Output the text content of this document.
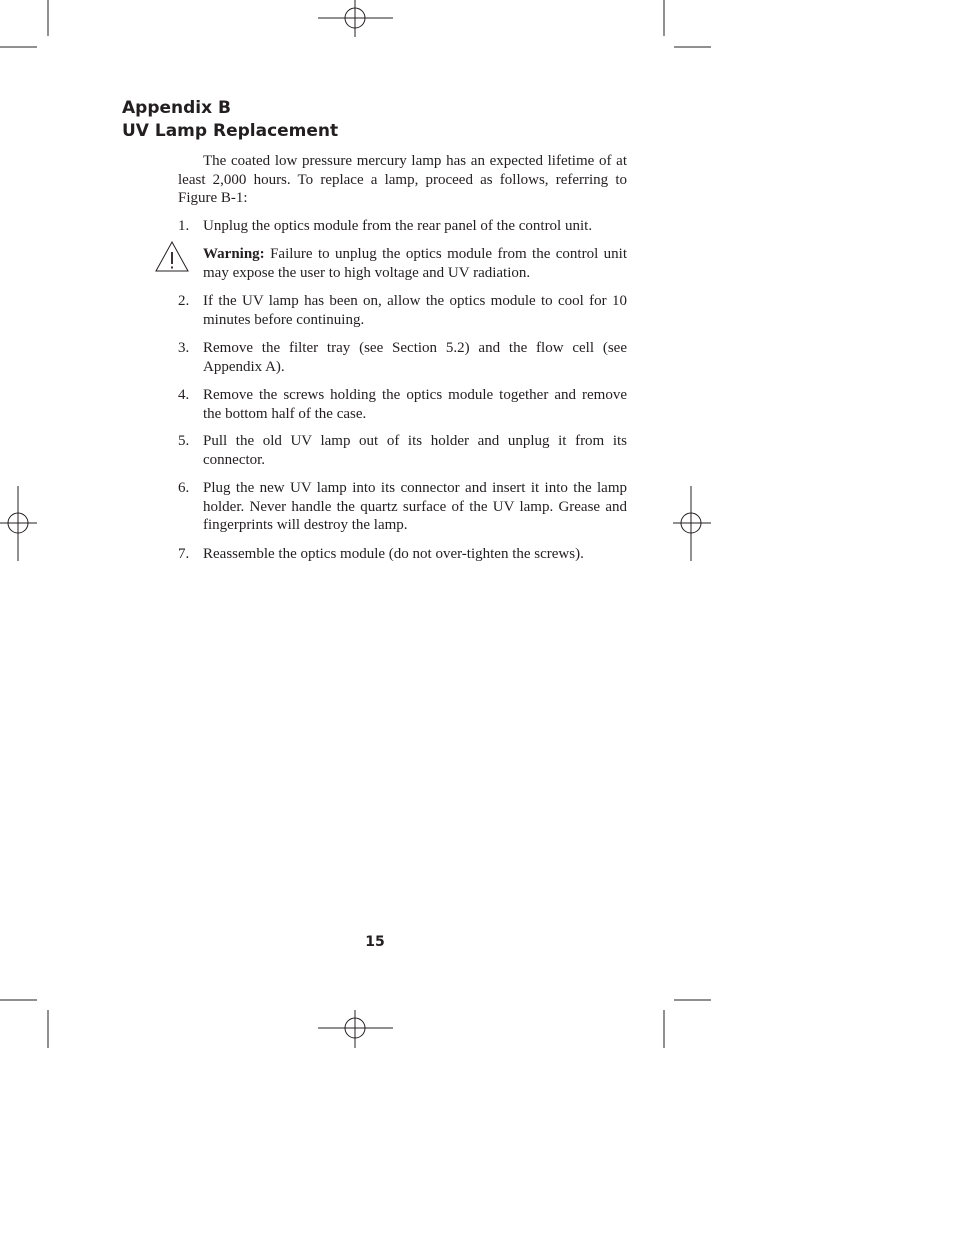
Appendix B
UV Lamp Replacement

The coated low pressure mercury lamp has an expected lifetime of at least 2,000 hours. To replace a lamp, proceed as follows, referring to Figure B-1:

1. Unplug the optics module from the rear panel of the control unit.
Warning: Failure to unplug the optics module from the control unit may expose the user to high voltage and UV radiation.
2. If the UV lamp has been on, allow the optics module to cool for 10 minutes before continuing.
3. Remove the filter tray (see Section 5.2) and the flow cell (see Appendix A).
4. Remove the screws holding the optics module together and remove the bottom half of the case.
5. Pull the old UV lamp out of its holder and unplug it from its connector.
6. Plug the new UV lamp into its connector and insert it into the lamp holder. Never handle the quartz surface of the UV lamp. Grease and fingerprints will destroy the lamp.
7. Reassemble the optics module (do not over-tighten the screws).
15
